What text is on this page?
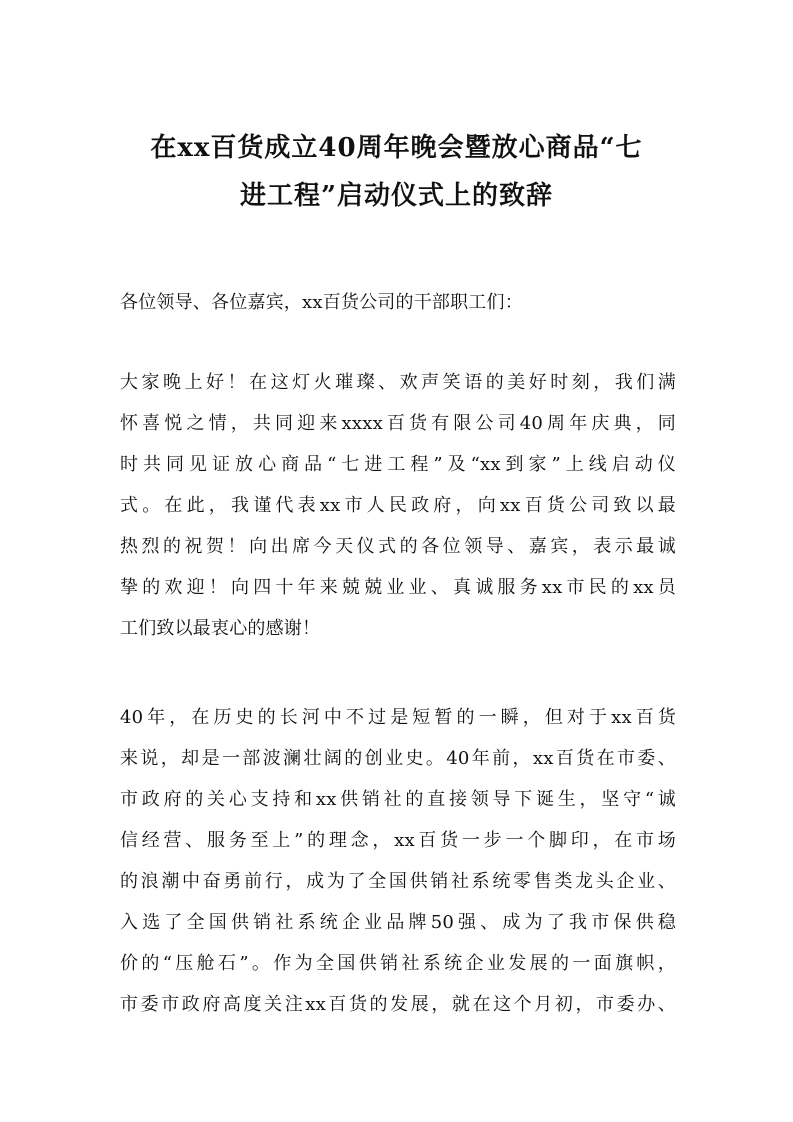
在xx百货成立40周年晚会暨放心商品“七
进工程”启动仪式上的致辞
各位领导、各位嘉宾，xx百货公司的干部职工们：
大家晚上好！在这灯火璀璨、欢声笑语的美好时刻，我们满
怀喜悦之情，共同迎来xxxx百货有限公司40周年庆典，同
时共同见证放心商品“七进工程”及“xx到家”上线启动仪
式。在此，我谨代表xx市人民政府，向xx百货公司致以最
热烈的祝贺！向出席今天仪式的各位领导、嘉宾，表示最诚
挚的欢迎！向四十年来兢兢业业、真诚服务xx市民的xx员
工们致以最衷心的感谢！
40年，在历史的长河中不过是短暂的一瞬，但对于xx百货
来说，却是一部波澜壮阔的创业史。40年前，xx百货在市委、
市政府的关心支持和xx供销社的直接领导下诞生，坚守“诚
信经营、服务至上”的理念，xx百货一步一个脚印，在市场
的浪潮中奋勇前行，成为了全国供销社系统零售类龙头企业、
入选了全国供销社系统企业品牌50强、成为了我市保供稳
价的“压舱石”。作为全国供销社系统企业发展的一面旗帜，
市委市政府高度关注xx百货的发展，就在这个月初，市委办、
